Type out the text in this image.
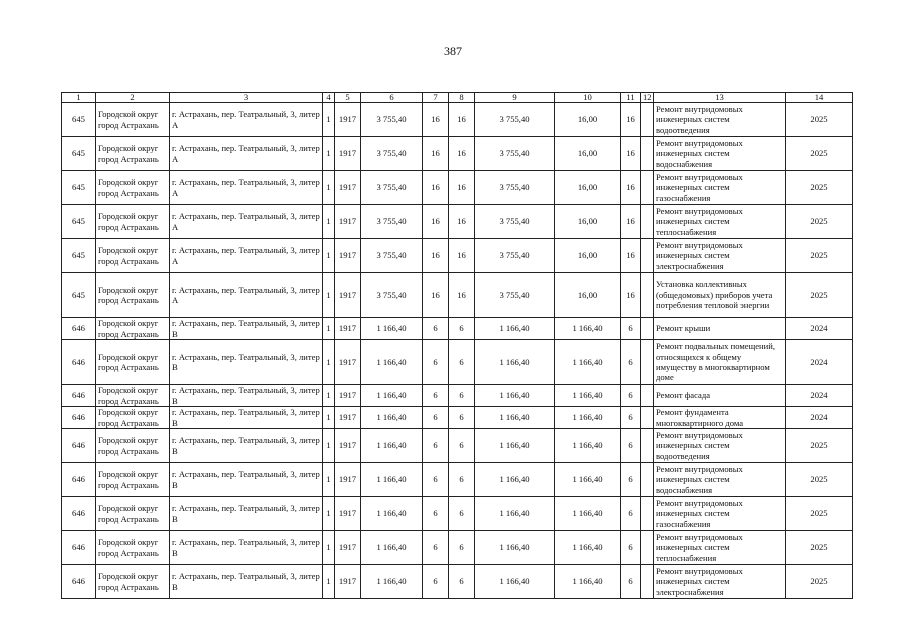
387
1	2	3	4	5	6	7	8	9	10	11	12	13	14
645	Городской округ город Астрахань	г. Астрахань, пер. Театральный, 3, литер А	1	1917	3 755,40	16	16	3 755,40	16,00	16		Ремонт внутридомовых инженерных систем водоотведения	2025
645	Городской округ город Астрахань	г. Астрахань, пер. Театральный, 3, литер А	1	1917	3 755,40	16	16	3 755,40	16,00	16		Ремонт внутридомовых инженерных систем водоснабжения	2025
645	Городской округ город Астрахань	г. Астрахань, пер. Театральный, 3, литер А	1	1917	3 755,40	16	16	3 755,40	16,00	16		Ремонт внутридомовых инженерных систем газоснабжения	2025
645	Городской округ город Астрахань	г. Астрахань, пер. Театральный, 3, литер А	1	1917	3 755,40	16	16	3 755,40	16,00	16		Ремонт внутридомовых инженерных систем теплоснабжения	2025
645	Городской округ город Астрахань	г. Астрахань, пер. Театральный, 3, литер А	1	1917	3 755,40	16	16	3 755,40	16,00	16		Ремонт внутридомовых инженерных систем электроснабжения	2025
645	Городской округ город Астрахань	г. Астрахань, пер. Театральный, 3, литер А	1	1917	3 755,40	16	16	3 755,40	16,00	16		Установка коллективных (общедомовых) приборов учета потребления тепловой энергии	2025
646	Городской округ город Астрахань	г. Астрахань, пер. Театральный, 3, литер В	1	1917	1 166,40	6	6	1 166,40	1 166,40	6		Ремонт крыши	2024
646	Городской округ город Астрахань	г. Астрахань, пер. Театральный, 3, литер В	1	1917	1 166,40	6	6	1 166,40	1 166,40	6		Ремонт подвальных помещений, относящихся к общему имуществу в многоквартирном доме	2024
646	Городской округ город Астрахань	г. Астрахань, пер. Театральный, 3, литер В	1	1917	1 166,40	6	6	1 166,40	1 166,40	6		Ремонт фасада	2024
646	Городской округ город Астрахань	г. Астрахань, пер. Театральный, 3, литер В	1	1917	1 166,40	6	6	1 166,40	1 166,40	6		Ремонт фундамента многоквартирного дома	2024
646	Городской округ город Астрахань	г. Астрахань, пер. Театральный, 3, литер В	1	1917	1 166,40	6	6	1 166,40	1 166,40	6		Ремонт внутридомовых инженерных систем водоотведения	2025
646	Городской округ город Астрахань	г. Астрахань, пер. Театральный, 3, литер В	1	1917	1 166,40	6	6	1 166,40	1 166,40	6		Ремонт внутридомовых инженерных систем водоснабжения	2025
646	Городской округ город Астрахань	г. Астрахань, пер. Театральный, 3, литер В	1	1917	1 166,40	6	6	1 166,40	1 166,40	6		Ремонт внутридомовых инженерных систем газоснабжения	2025
646	Городской округ город Астрахань	г. Астрахань, пер. Театральный, 3, литер В	1	1917	1 166,40	6	6	1 166,40	1 166,40	6		Ремонт внутридомовых инженерных систем теплоснабжения	2025
646	Городской округ город Астрахань	г. Астрахань, пер. Театральный, 3, литер В	1	1917	1 166,40	6	6	1 166,40	1 166,40	6		Ремонт внутридомовых инженерных систем электроснабжения	2025
